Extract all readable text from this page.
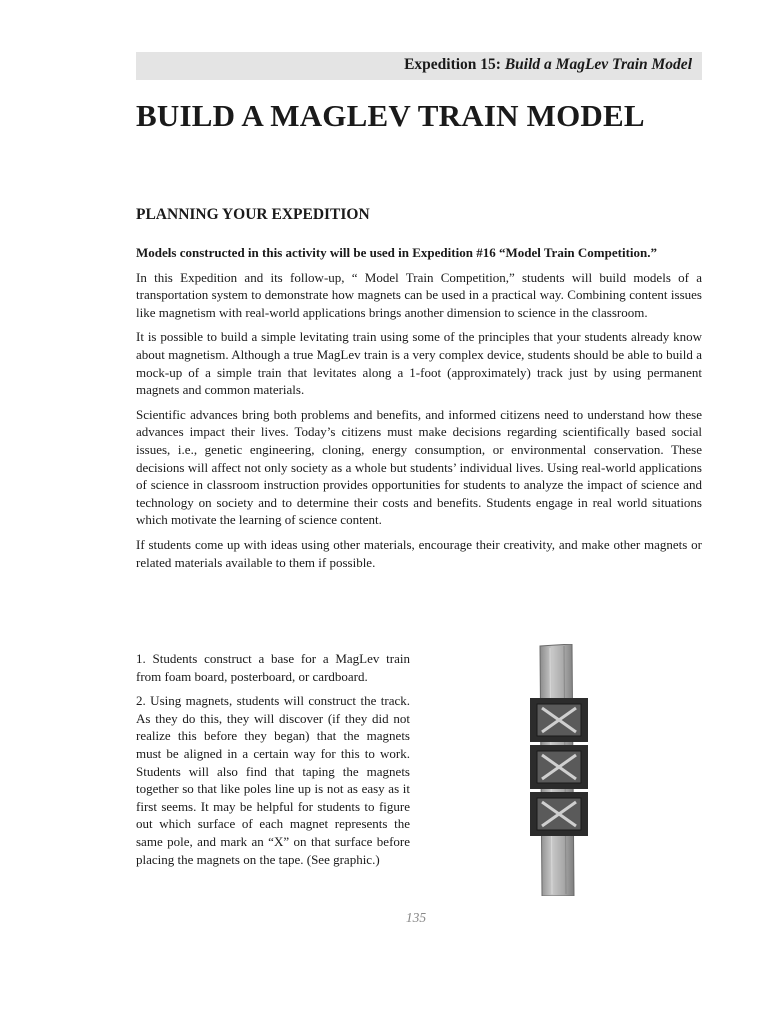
Expedition 15: Build a MagLev Train Model
BUILD A MAGLEV TRAIN MODEL
PLANNING YOUR EXPEDITION

Models constructed in this activity will be used in Expedition #16 “Model Train Competition.”

In this Expedition and its follow-up, “ Model Train Competition,” students will build models of a transportation system to demonstrate how magnets can be used in a practical way. Combining content issues like magnetism with real-world applications brings another dimension to science in the classroom.

It is possible to build a simple levitating train using some of the principles that your students already know about magnetism. Although a true MagLev train is a very complex device, students should be able to build a mock-up of a simple train that levitates along a 1-foot (approximately) track just by using permanent magnets and common materials.

Scientific advances bring both problems and benefits, and informed citizens need to understand how these advances impact their lives. Today’s citizens must make decisions regarding scientifically based social issues, i.e., genetic engineering, cloning, energy consumption, or environmental conservation. These decisions will affect not only society as a whole but students’ individual lives. Using real-world applications of science in classroom instruction provides opportunities for students to analyze the impact of science and technology on society and to determine their costs and benefits. Students engage in real world situations which motivate the learning of science content.

If students come up with ideas using other materials, encourage their creativity, and make other magnets or related materials available to them if possible.

1. Students construct a base for a MagLev train from foam board, posterboard, or cardboard.

2. Using magnets, students will construct the track. As they do this, they will discover (if they did not realize this before they began) that the magnets must be aligned in a certain way for this to work. Students will also find that taping the magnets together so that like poles line up is not as easy as it first seems. It may be helpful for students to figure out which surface of each magnet represents the same pole, and mark an “X” on that surface before placing the magnets on the tape. (See graphic.)

135
